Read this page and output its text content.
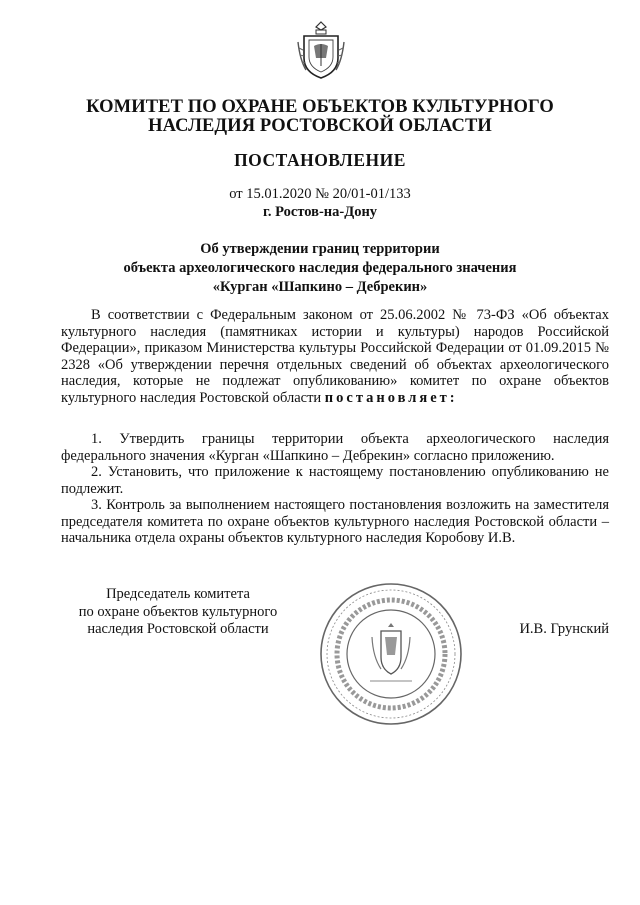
КОМИТЕТ ПО ОХРАНЕ ОБЪЕКТОВ КУЛЬТУРНОГО
НАСЛЕДИЯ РОСТОВСКОЙ ОБЛАСТИ
ПОСТАНОВЛЕНИЕ
от 15.01.2020 № 20/01-01/133
г. Ростов-на-Дону
Об утверждении границ территории
объекта археологического наследия федерального значения
«Курган «Шапкино – Дебрекин»

В соответствии с Федеральным законом от 25.06.2002 № 73-ФЗ «Об объектах культурного наследия (памятниках истории и культуры) народов Российской Федерации», приказом Министерства культуры Российской Федерации от 01.09.2015 № 2328 «Об утверждении перечня отдельных сведений об объектах археологического наследия, которые не подлежат опубликованию» комитет по охране объектов культурного наследия Ростовской области постановляет:

1. Утвердить границы территории объекта археологического наследия федерального значения «Курган «Шапкино – Дебрекин» согласно приложению.

2. Установить, что приложение к настоящему постановлению опубликованию не подлежит.

3. Контроль за выполнением настоящего постановления возложить на заместителя председателя комитета по охране объектов культурного наследия Ростовской области – начальника отдела охраны объектов культурного наследия Коробову И.В.

Председатель комитета
по охране объектов культурного
наследия Ростовской области	И.В. Грунский
